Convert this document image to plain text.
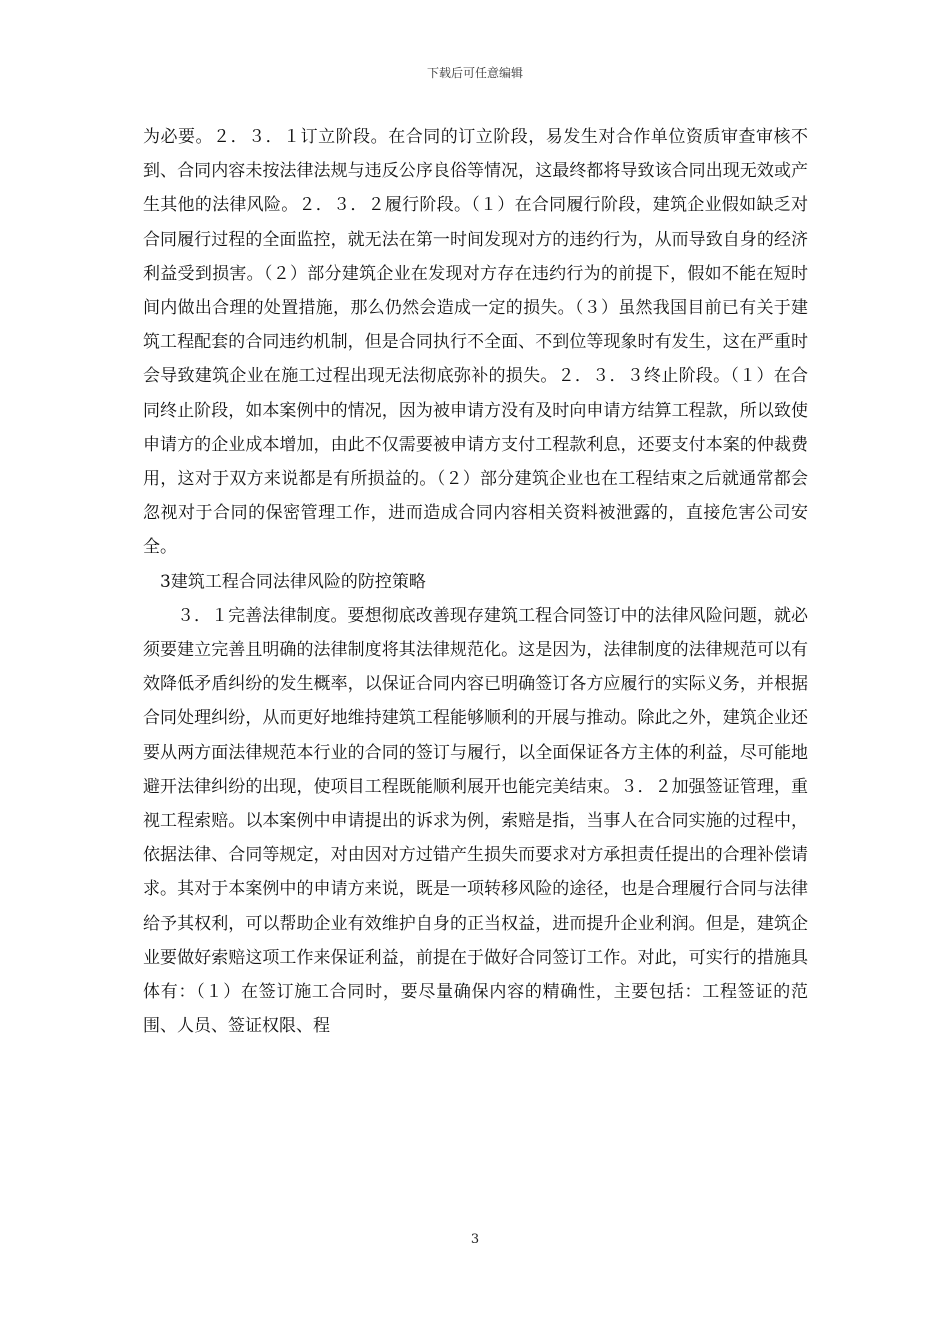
下载后可任意编辑

为必要。２．３．１订立阶段。在合同的订立阶段，易发生对合作单位资质审查审核不到、合同内容未按法律法规与违反公序良俗等情况，这最终都将导致该合同出现无效或产生其他的法律风险。２．３．２履行阶段。（１）在合同履行阶段，建筑企业假如缺乏对合同履行过程的全面监控，就无法在第一时间发现对方的违约行为，从而导致自身的经济利益受到损害。（２）部分建筑企业在发现对方存在违约行为的前提下，假如不能在短时间内做出合理的处置措施，那么仍然会造成一定的损失。（３）虽然我国目前已有关于建筑工程配套的合同违约机制，但是合同执行不全面、不到位等现象时有发生，这在严重时会导致建筑企业在施工过程出现无法彻底弥补的损失。２．３．３终止阶段。（１）在合同终止阶段，如本案例中的情况，因为被申请方没有及时向申请方结算工程款，所以致使申请方的企业成本增加，由此不仅需要被申请方支付工程款利息，还要支付本案的仲裁费用，这对于双方来说都是有所损益的。（２）部分建筑企业也在工程结束之后就通常都会忽视对于合同的保密管理工作，进而造成合同内容相关资料被泄露的，直接危害公司安全。

3建筑工程合同法律风险的防控策略

３．１完善法律制度。要想彻底改善现存建筑工程合同签订中的法律风险问题，就必须要建立完善且明确的法律制度将其法律规范化。这是因为，法律制度的法律规范可以有效降低矛盾纠纷的发生概率，以保证合同内容已明确签订各方应履行的实际义务，并根据合同处理纠纷，从而更好地维持建筑工程能够顺利的开展与推动。除此之外，建筑企业还要从两方面法律规范本行业的合同的签订与履行，以全面保证各方主体的利益，尽可能地避开法律纠纷的出现，使项目工程既能顺利展开也能完美结束。３．２加强签证管理，重视工程索赔。以本案例中申请提出的诉求为例，索赔是指，当事人在合同实施的过程中，依据法律、合同等规定，对由因对方过错产生损失而要求对方承担责任提出的合理补偿请求。其对于本案例中的申请方来说，既是一项转移风险的途径，也是合理履行合同与法律给予其权利，可以帮助企业有效维护自身的正当权益，进而提升企业利润。但是，建筑企业要做好索赔这项工作来保证利益，前提在于做好合同签订工作。对此，可实行的措施具体有：（１）在签订施工合同时，要尽量确保内容的精确性，主要包括：工程签证的范围、人员、签证权限、程

3
